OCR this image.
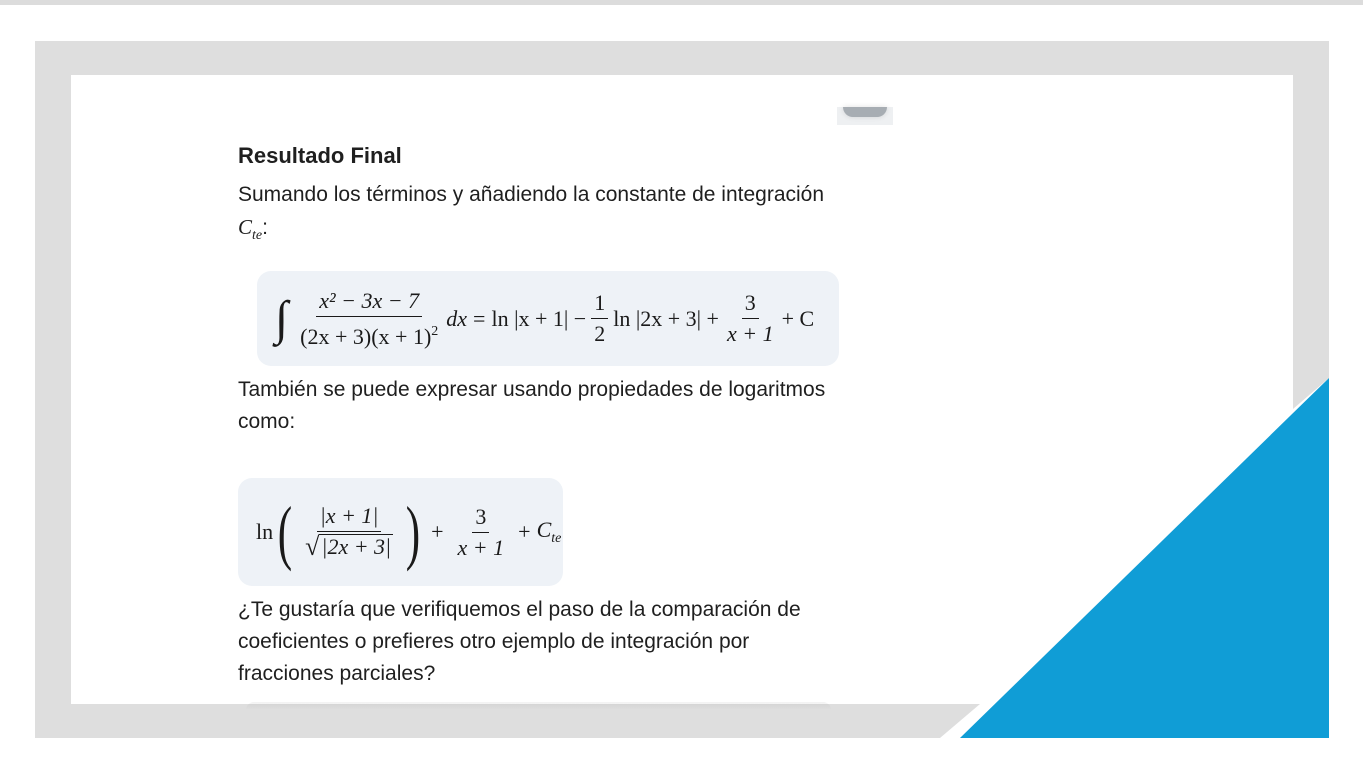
Resultado Final

Sumando los términos y añadiendo la constante de integración $C_{te}$:

∫ $\frac{\text{x² − 3x − 7}}{(2x + 3)(x + 1)^2}$ dx = $\ln |x + 1| - \frac{1}{2}$ $\ln |2x + 3| + \frac{3}{x + 1} + C$

También se puede expresar usando propiedades de logaritmos como:

ln ( $\frac{|x + 1|}{√ |2x + 3|}$ ) + $\frac{3}{x + 1} + C_{te}$

¿Te gustaría que verifiquemos el paso de la comparación de coeficientes o prefieres otro ejemplo de integración por fracciones parciales?
